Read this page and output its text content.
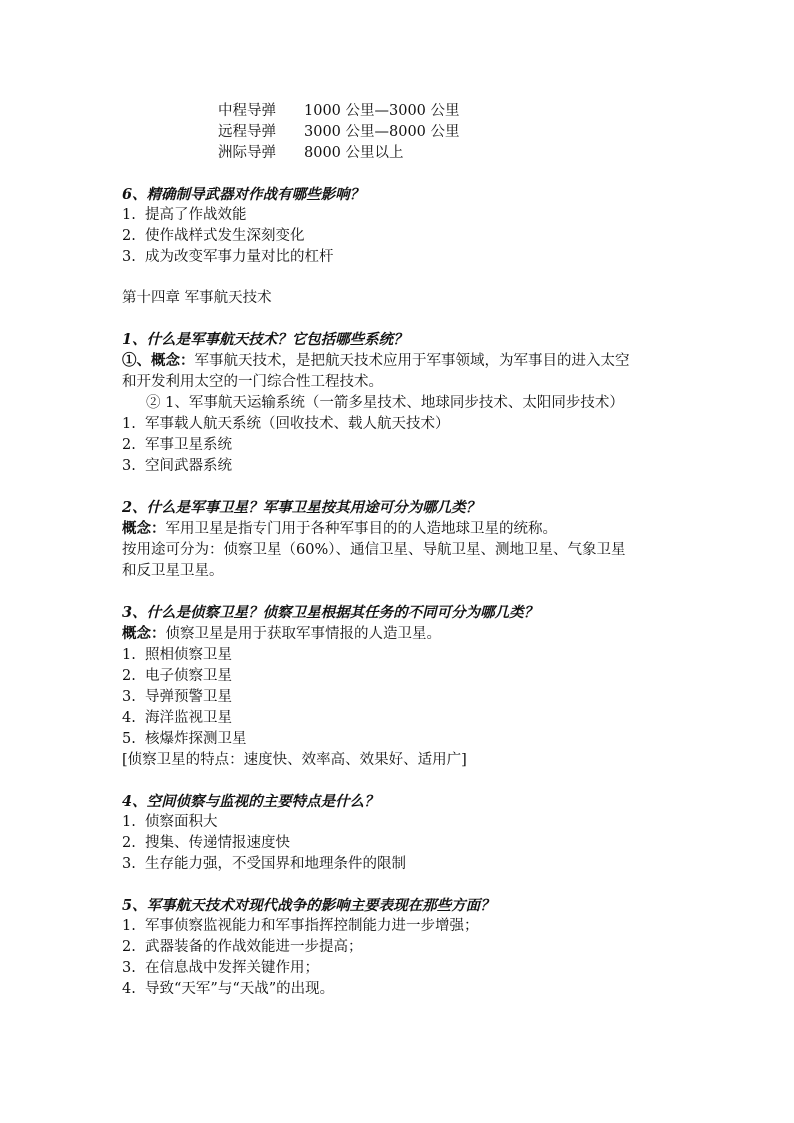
中程导弹 1000 公里—3000 公里
远程导弹 3000 公里—8000 公里
洲际导弹 8000 公里以上
6、精确制导武器对作战有哪些影响？
1. 提高了作战效能
2. 使作战样式发生深刻变化
3. 成为改变军事力量对比的杠杆
第十四章 军事航天技术
1、什么是军事航天技术？它包括哪些系统？
①、概念：军事航天技术，是把航天技术应用于军事领域，为军事目的进入太空
和开发利用太空的一门综合性工程技术。
② 1、军事航天运输系统（一箭多星技术、地球同步技术、太阳同步技术）
1. 军事载人航天系统（回收技术、载人航天技术）
2. 军事卫星系统
3. 空间武器系统
2、什么是军事卫星？军事卫星按其用途可分为哪几类？
概念：军用卫星是指专门用于各种军事目的的人造地球卫星的统称。
按用途可分为：侦察卫星（60%）、通信卫星、导航卫星、测地卫星、气象卫星
和反卫星卫星。
3、什么是侦察卫星？侦察卫星根据其任务的不同可分为哪几类？
概念：侦察卫星是用于获取军事情报的人造卫星。
1. 照相侦察卫星
2. 电子侦察卫星
3. 导弹预警卫星
4. 海洋监视卫星
5. 核爆炸探测卫星
[侦察卫星的特点：速度快、效率高、效果好、适用广]
4、空间侦察与监视的主要特点是什么？
1. 侦察面积大
2. 搜集、传递情报速度快
3. 生存能力强，不受国界和地理条件的限制
5、军事航天技术对现代战争的影响主要表现在那些方面？
1. 军事侦察监视能力和军事指挥控制能力进一步增强；
2. 武器装备的作战效能进一步提高；
3. 在信息战中发挥关键作用；
4. 导致“天军”与“天战”的出现。
